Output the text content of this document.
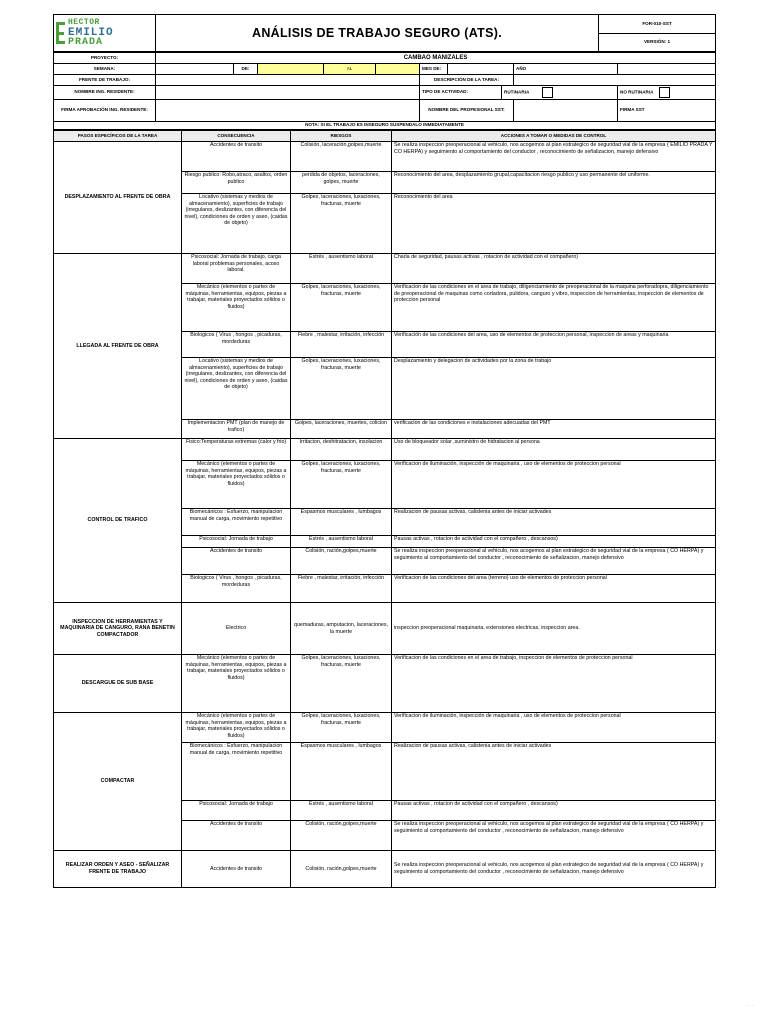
HECTOR
EMILIO
PRADA
	ANÁLISIS DE TRABAJO SEGURO (ATS).	FOR-010-SST
VERSIÓN: 1
PROYECTO:	CAMBAO MANIZALES									
SEMANA:		DE:		AL		MES DE:			AÑO	
FRENTE DE TRABAJO:						DESCRIPCIÓN DE LA TAREA:				
NOMBRE ING. RESIDENTE:						TIPO DE ACTIVIDAD:		RUTINARIA		NO RUTINARIA
FIRMA APROBACIÓN ING. RESIDENTE:						NOMBRE DEL PROFESIONAL SST:				FIRMA SST
NOTA: SI EL TRABAJO ES INSEGURO SUSPENDALO INMEDIATAMENTE										
PASOS ESPECÍFICOS DE LA TAREA	CONSECUENCIA	RIESGOS	ACCIONES A TOMAR O MEDIDAS DE CONTROL
DESPLAZAMIENTO AL FRENTE DE OBRA	Accidentes de transito	Colisión, laceración,golpes,muerte	Se realiza inspeccion preoperacional al vehiculo, nos acogemos al plan estrategico de seguridad vial de la empresa ( EMILIO PRADA Y CO HERPA) y seguimiento al comportamiento del conductor , reconocimiento de señalizacion, manejo defensivo
	Riesgo publico: Robo,atraco, asaltos, orden publico	perdida de objetos, laceraciones, golpes, muerte	Reconocimiento del area, desplazamiento grupal,capacitacion riesgo publico y uso permanente del uniforme.
	Locativo (sistemas y medios de almacenamiento), superficies de trabajo (irregulares, deslizantes, con diferencia del nivel), condiciones de orden y aseo, (caidas de objeto)	Golpes, laceraciones, luxaciones, fracturas, muerte	Reconocimiento del area
LLEGADA AL FRENTE DE OBRA	Psicosocial: Jornada de trabajo, carga laboral problemas personales, acoso laboral.	Estrés , ausentismo laboral	Charla de seguridad, pausas activas , rotacion de actividad con el compañero)
	Mecánico (elementos o partes de máquinas, herramientas, equipos, piezas a trabajar, materiales proyectados sólidos o fluidos)	Golpes, laceraciones, luxaciones, fracturas, muerte	Verificacion de las condiciones en el area de trabajo, diligenciamiento de preoperacional de la maquina perforadopra, diligenciamiento de preoperacional de maquinas como cortadora, pulidora, canguro y vibro, inspeccion de herramientas, inspeccion de elementos de proteccion personal
	Biologicos ( Virus , hongos , picaduras, mordeduras	Fiebre , malestar, irritación, infección	Verificación de las condiciones del area, uso de elementos de proteccion personal, inspeccion de areas y maquinaria
	Locativo (sistemas y medios de almacenamiento), superficies de trabajo (irregulares, deslizantes, con diferencia del nivel), condiciones de orden y aseo, (caidas de objeto)	Golpes, laceraciones, luxaciones, fracturas, muerte	Desplazamiento y delegacion de actividades por la zona de trabajo
	Implementacion PMT (plan de manejo de trafico)	Golpes, laceraciones, muertes, colicion	verificacion de las condiciones e instalaciones adecuadas del PMT
CONTROL DE TRAFICO	Fisico:Temperaturas extremas (calor y frio)	Irritacion, deshitratacion, insolacion	Uso de bloqueador solar ,suministro de hidratacion al persona
	Mecánico (elementos o partes de máquinas, herramientas, equipos, piezas a trabajar, materiales proyectados sólidos o fluidos)	Golpes, laceraciones, luxaciones, fracturas, muerte	Verificacion de iluminación, inspección de maquinaria , uso de elementos de proteccion personal
	Biomecánicos : Esfuerzo, manipulacion manual de carga, movimiento repetitivo	Espasmos musculares , lumbagos	Realizacion de pausas activas, calistenia antes de iniciar activades
	Psicosocial: Jornada de trabajo	Estrés , ausentismo laboral	Pausas activas , rotacion de actividad con el compañero , descansos)
	Accidentes de transito	Colisión, ración,golpes,muerte	Se realiza inspeccion preoperacional al vehiculo, nos acogemos al plan estrategico de seguridad vial de la empresa ( CO HERPA) y seguimiento al comportamiento del conductor , reconocimiento de señalizacion, manejo defensivo
	Biologicos ( Virus , hongos , picaduras, mordeduras	Fiebre , malestar, irritación, infección	Verificacion de las condiciones del area (terreno) uso de elementos de proteccion personal
INSPECCION DE HERRAMIENTAS Y MAQUINARIA DE CANGURO, RANA BENETIN COMPACTADOR	Electrico	quemaduras, amputacion, laceraciones, la muerte	inspeccion preoperacional maquinaria, extensiones electricas, inspeccion area.
DESCARGUE DE SUB BASE	Mecánico (elementos o partes de máquinas, herramientas, equipos, piezas a trabajar, materiales proyectados sólidos o fluidos)	Golpes, laceraciones, luxaciones, fracturas, muerte	Verificacion de las condiciones en el area de trabajo, inspeccion de elementos de proteccion personal
COMPACTAR	Mecánico (elementos o partes de máquinas, herramientas, equipos, piezas a trabajar, materiales proyectados sólidos o fluidos)	Golpes, laceraciones, luxaciones, fracturas, muerte	Verificacion de iluminación, inspección de maquinaria , uso de elementos de proteccion personal
	Biomecánicos : Esfuerzo, manipulacion manual de carga, movimiento repetitivo	Espasmos musculares , lumbagos	Realizacion de pausas activas, calistenia antes de iniciar activades
	Psicosocial: Jornada de trabajo	Estrés , ausentismo laboral	Pausas activas , rotacion de actividad con el compañero , descansos)
	Accidentes de transito	Colisión, ración,golpes,muerte	Se realiza inspeccion preoperacional al vehiculo, nos acogemos al plan estrategico de seguridad vial de la empresa ( CO HERPA) y seguimiento al comportamiento del conductor , reconocimiento de señalizacion, manejo defensivo
REALIZAR ORDEN Y ASEO - SEÑALIZAR FRENTE DE TRABAJO	Accidentes de transito	Colisión, ración,golpes,muerte	Se realiza inspeccion preoperacional al vehiculo, nos acogemos al plan estrategico de seguridad vial de la empresa ( CO HERPA) y seguimiento al comportamiento del conductor , reconocimiento de señalizacion, manejo defensivo
···
